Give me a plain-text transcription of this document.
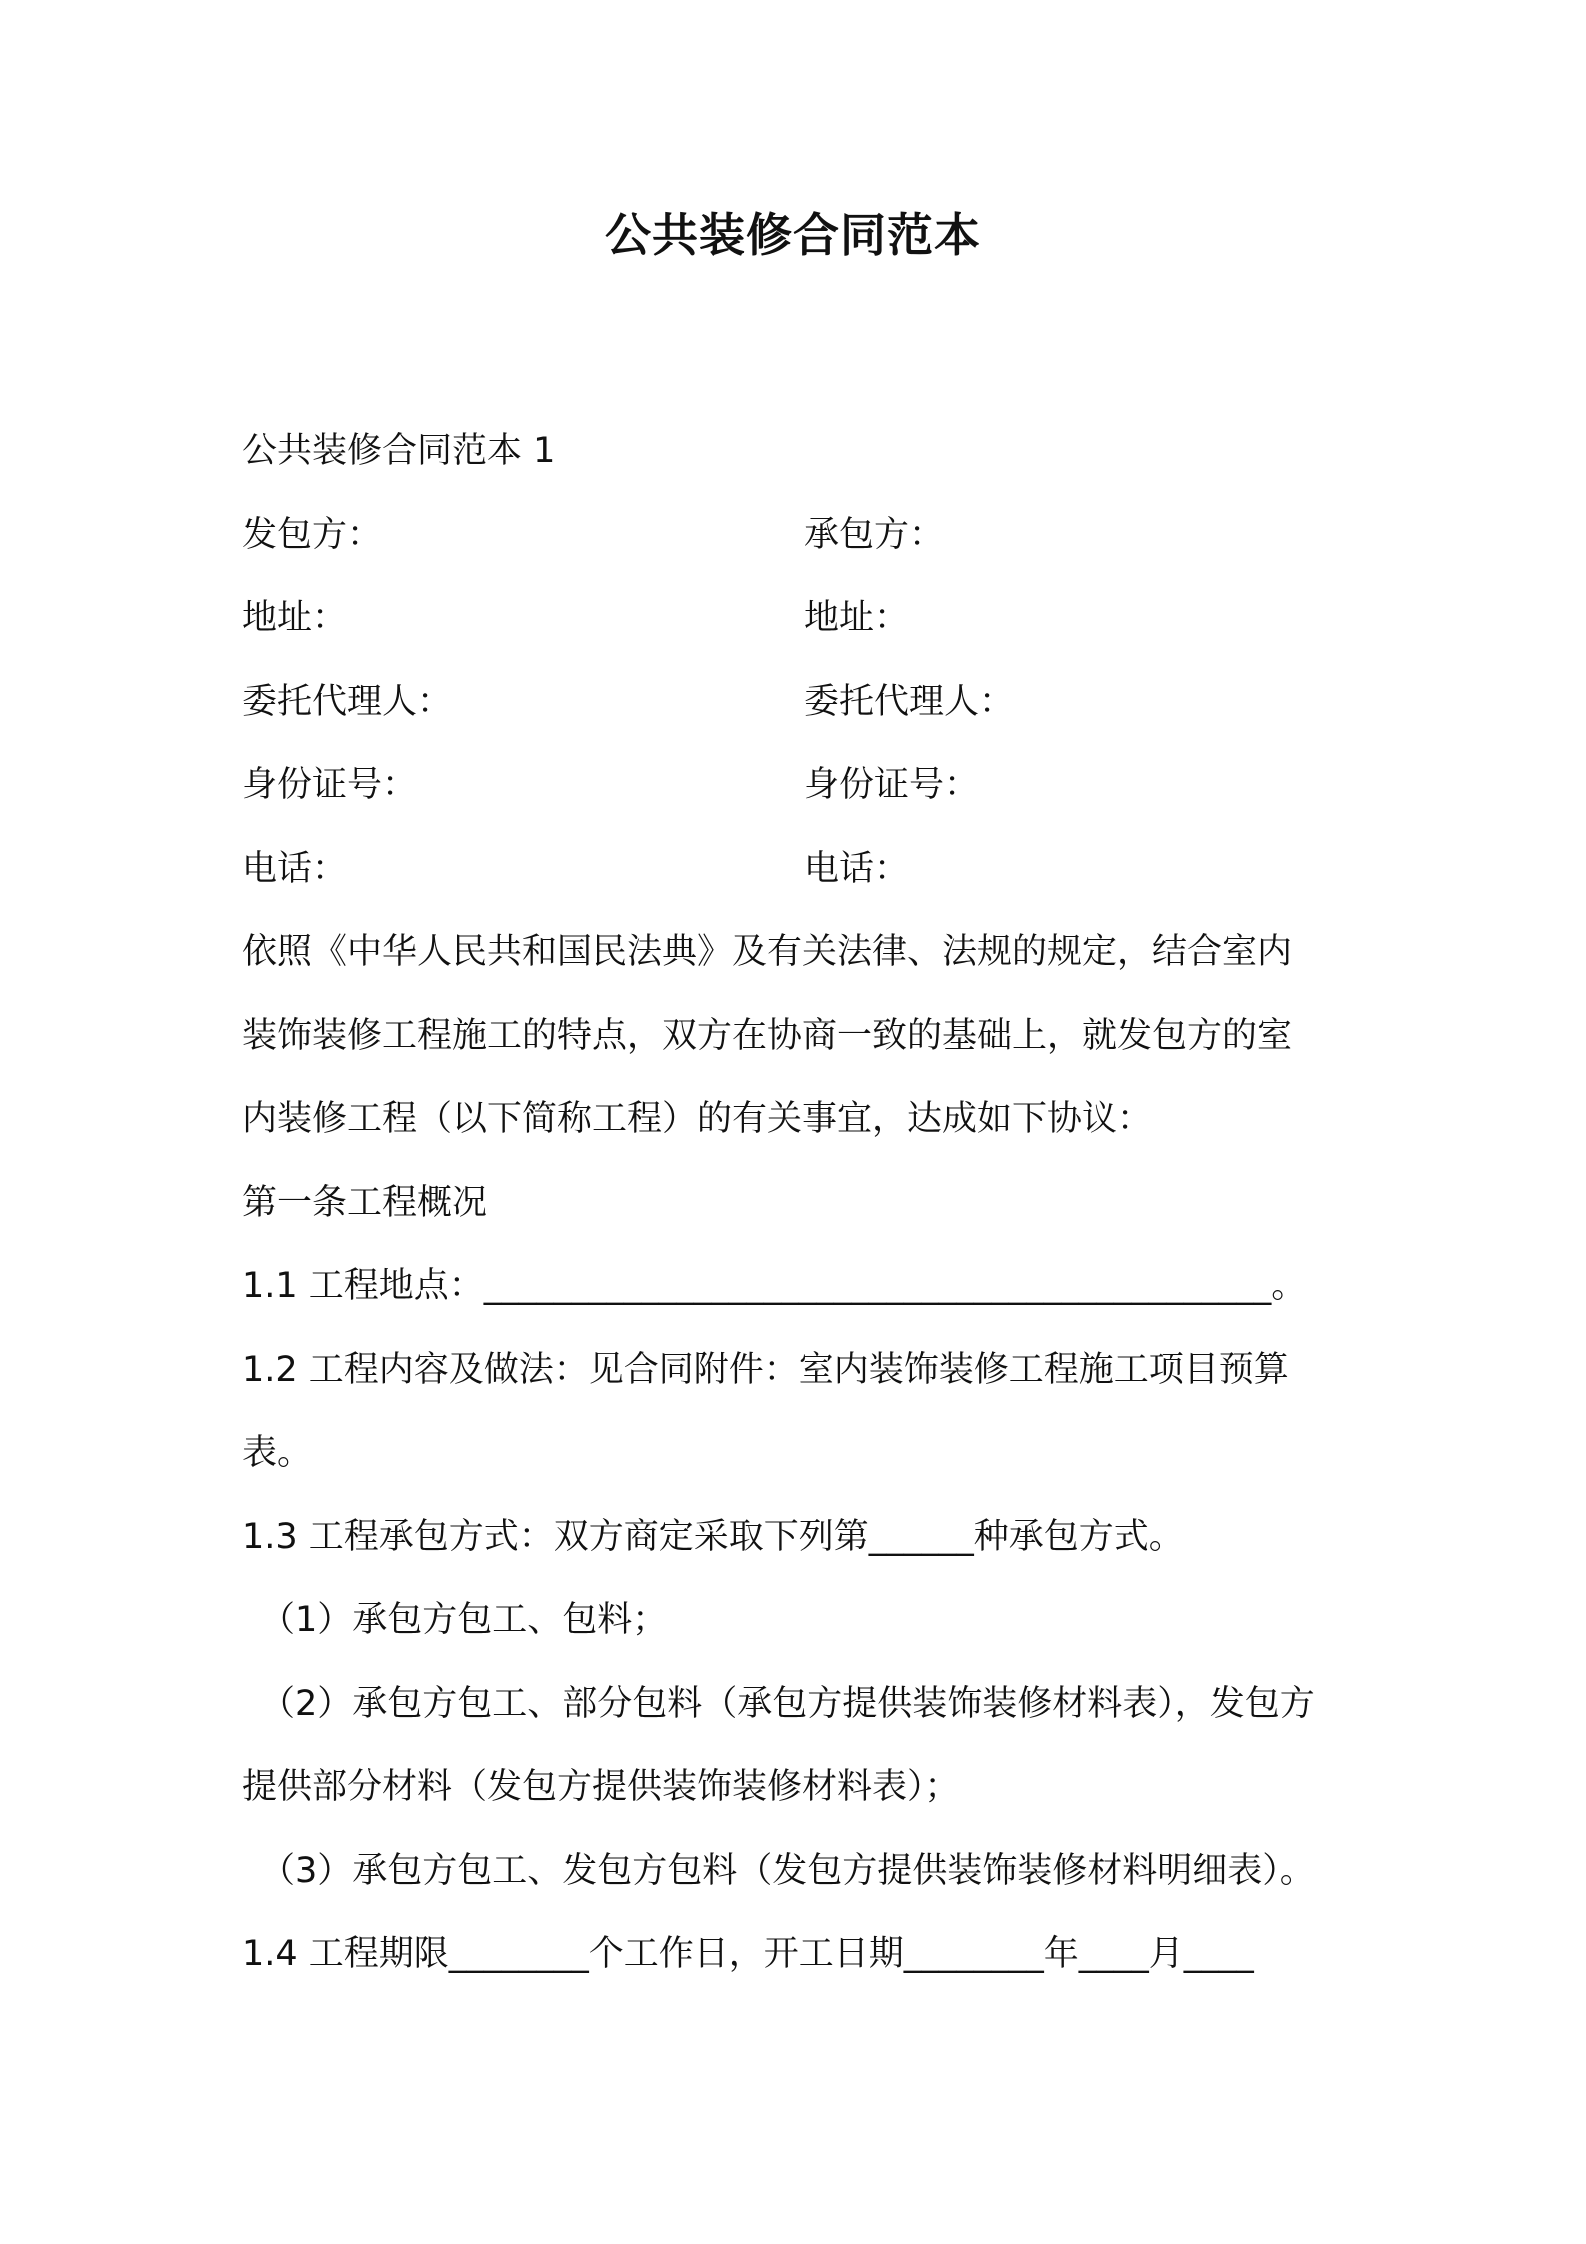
公共装修合同范本
公共装修合同范本 1
发包方：	承包方：
地址：	地址：
委托代理人：	委托代理人：
身份证号：	身份证号：
电话：	电话：
依照《中华人民共和国民法典》及有关法律、法规的规定，结合室内
装饰装修工程施工的特点，双方在协商一致的基础上，就发包方的室
内装修工程（以下简称工程）的有关事宜，达成如下协议：
第一条工程概况
1.1 工程地点：_____________________________________________。
1.2 工程内容及做法：见合同附件：室内装饰装修工程施工项目预算
表。
1.3 工程承包方式：双方商定采取下列第______种承包方式。
（1）承包方包工、包料；
（2）承包方包工、部分包料（承包方提供装饰装修材料表），发包方
提供部分材料（发包方提供装饰装修材料表）；
（3）承包方包工、发包方包料（发包方提供装饰装修材料明细表）。
1.4 工程期限________个工作日，开工日期________年____月____
